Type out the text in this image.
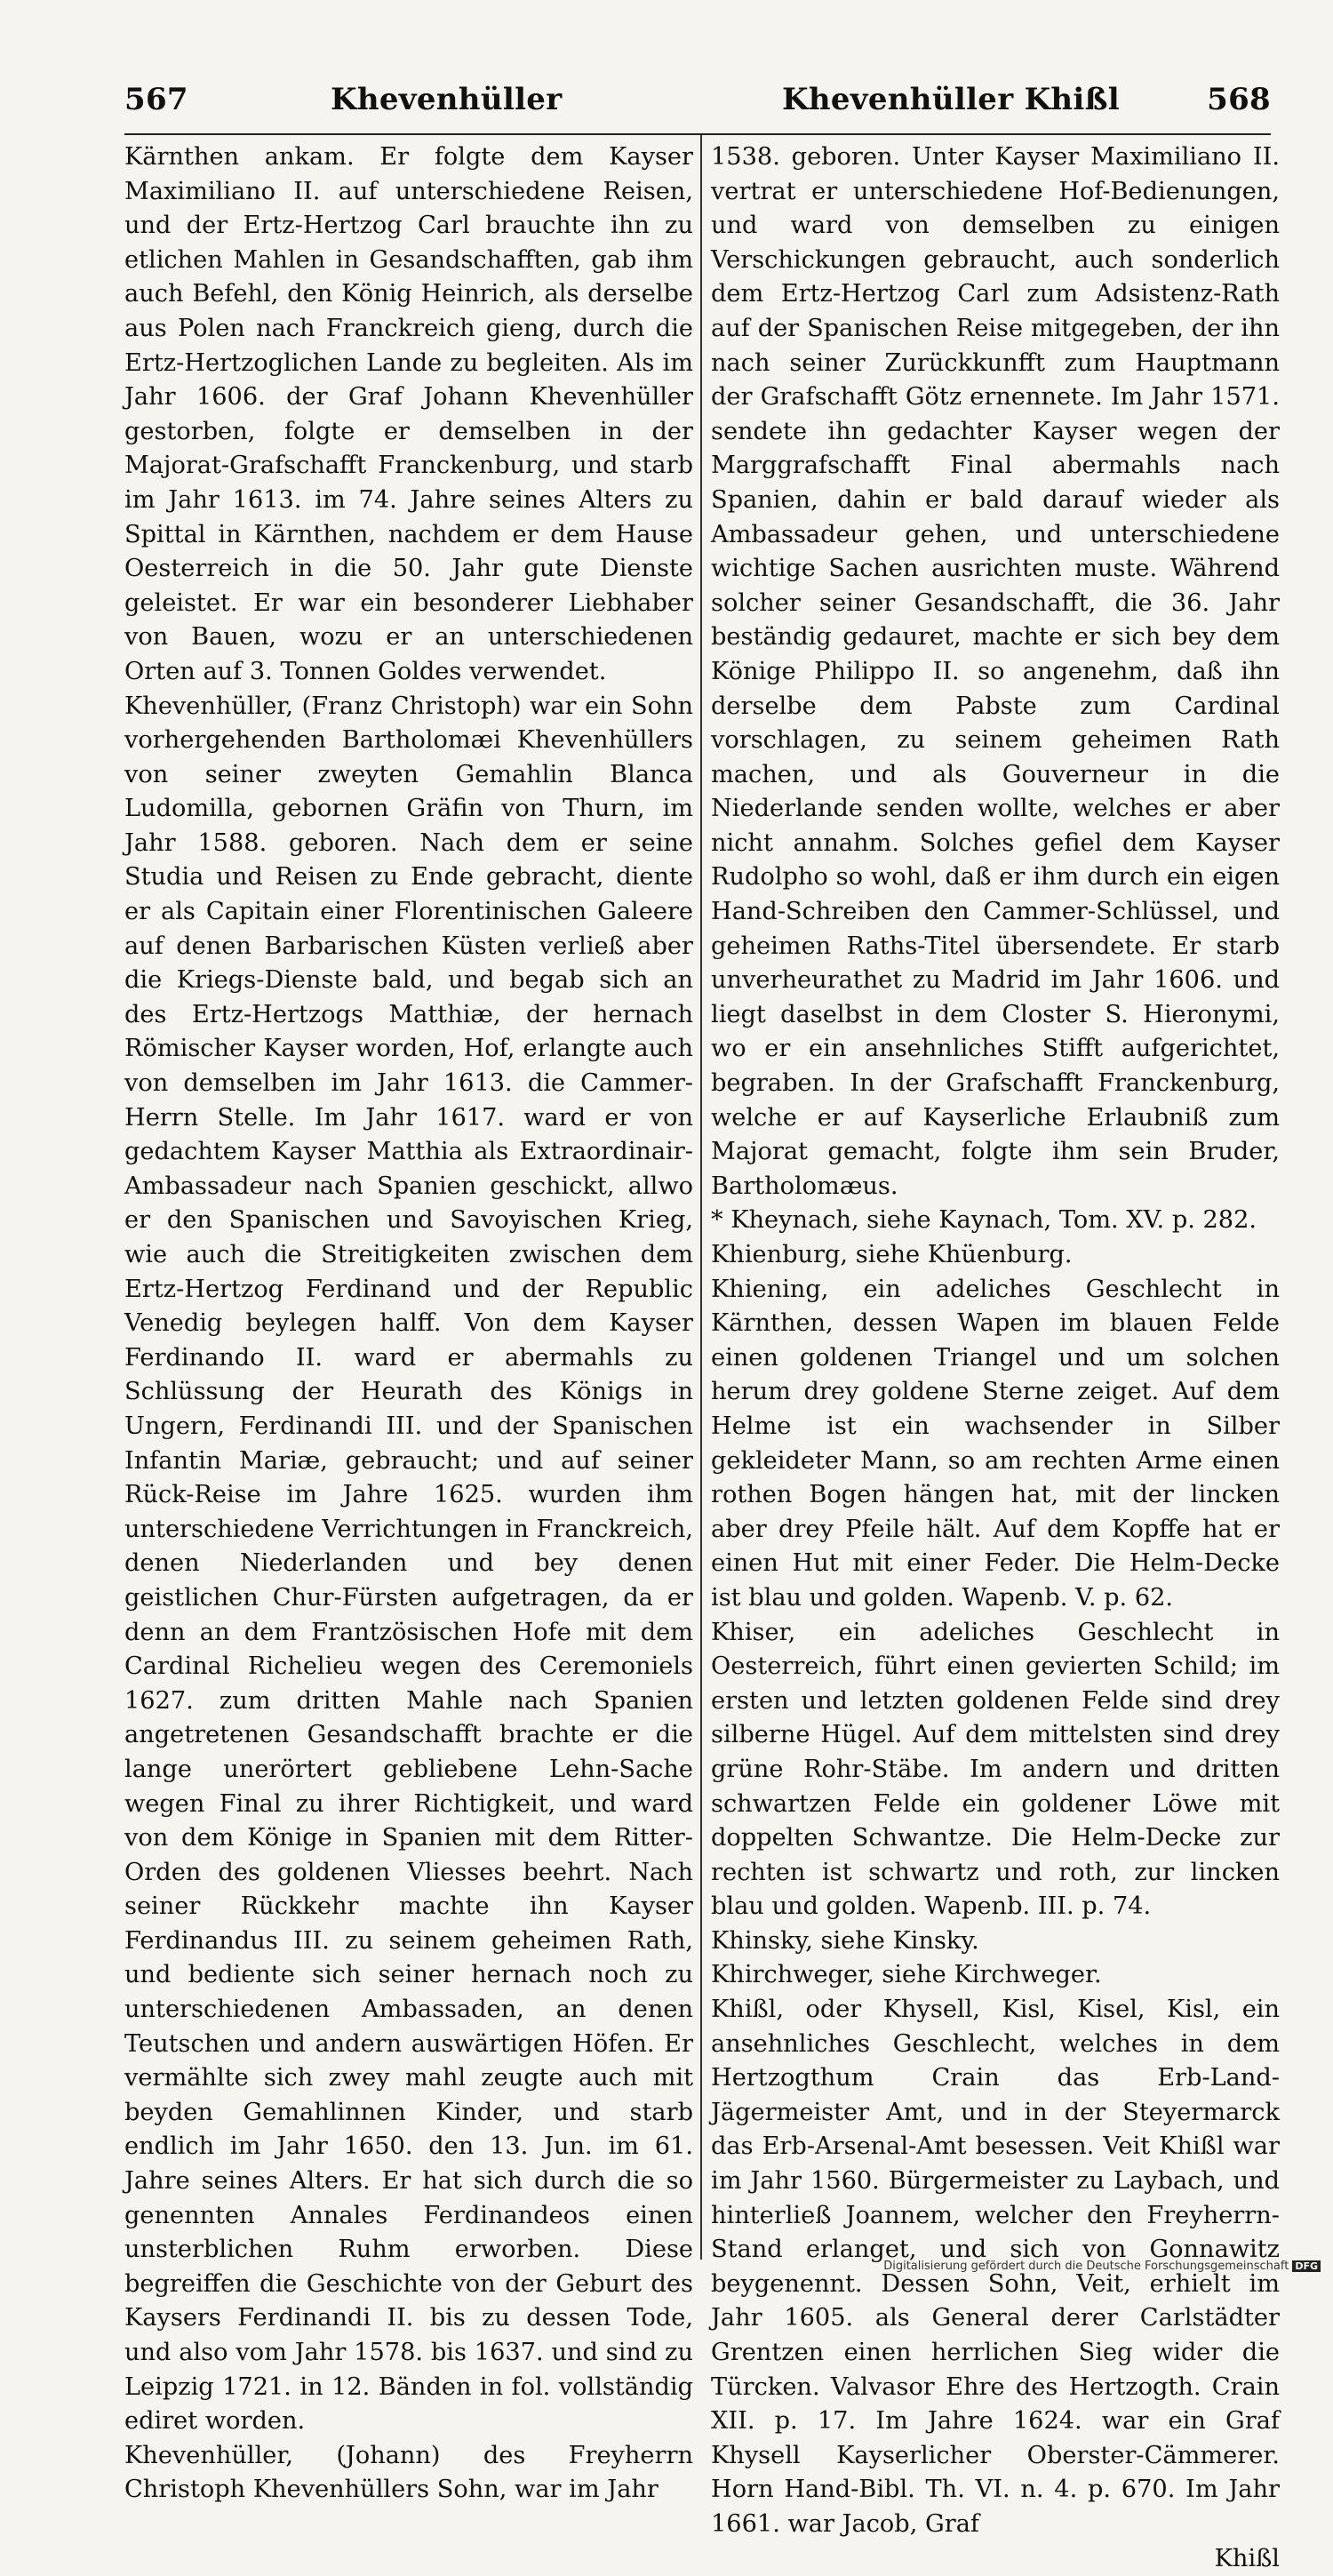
567	Khevenhüller	Khevenhüller Khißl	568

Kärnthen ankam. Er folgte dem Kayser Maximiliano II. auf unterschiedene Reisen, und der Ertz-Hertzog Carl brauchte ihn zu etlichen Mahlen in Gesandschafften, gab ihm auch Befehl, den König Heinrich, als derselbe aus Polen nach Franckreich gieng, durch die Ertz-Hertzoglichen Lande zu begleiten. Als im Jahr 1606. der Graf Johann Khevenhüller gestorben, folgte er demselben in der Majorat-Grafschafft Franckenburg, und starb im Jahr 1613. im 74. Jahre seines Alters zu Spittal in Kärnthen, nachdem er dem Hause Oesterreich in die 50. Jahr gute Dienste geleistet. Er war ein besonderer Liebhaber von Bauen, wozu er an unterschiedenen Orten auf 3. Tonnen Goldes verwendet.

Khevenhüller, (Franz Christoph) war ein Sohn vorhergehenden Bartholomæi Khevenhüllers von seiner zweyten Gemahlin Blanca Ludomilla, gebornen Gräfin von Thurn, im Jahr 1588. geboren. Nach dem er seine Studia und Reisen zu Ende gebracht, diente er als Capitain einer Florentinischen Galeere auf denen Barbarischen Küsten verließ aber die Kriegs-Dienste bald, und begab sich an des Ertz-Hertzogs Matthiæ, der hernach Römischer Kayser worden, Hof, erlangte auch von demselben im Jahr 1613. die Cammer-Herrn Stelle. Im Jahr 1617. ward er von gedachtem Kayser Matthia als Extraordinair-Ambassadeur nach Spanien geschickt, allwo er den Spanischen und Savoyischen Krieg, wie auch die Streitigkeiten zwischen dem Ertz-Hertzog Ferdinand und der Republic Venedig beylegen halff. Von dem Kayser Ferdinando II. ward er abermahls zu Schlüssung der Heurath des Königs in Ungern, Ferdinandi III. und der Spanischen Infantin Mariæ, gebraucht; und auf seiner Rück-Reise im Jahre 1625. wurden ihm unterschiedene Verrichtungen in Franckreich, denen Niederlanden und bey denen geistlichen Chur-Fürsten aufgetragen, da er denn an dem Frantzösischen Hofe mit dem Cardinal Richelieu wegen des Ceremoniels 1627. zum dritten Mahle nach Spanien angetretenen Gesandschafft brachte er die lange unerörtert gebliebene Lehn-Sache wegen Final zu ihrer Richtigkeit, und ward von dem Könige in Spanien mit dem Ritter-Orden des goldenen Vliesses beehrt. Nach seiner Rückkehr machte ihn Kayser Ferdinandus III. zu seinem geheimen Rath, und bediente sich seiner hernach noch zu unterschiedenen Ambassaden, an denen Teutschen und andern auswärtigen Höfen. Er vermählte sich zwey mahl zeugte auch mit beyden Gemahlinnen Kinder, und starb endlich im Jahr 1650. den 13. Jun. im 61. Jahre seines Alters. Er hat sich durch die so genennten Annales Ferdinandeos einen unsterblichen Ruhm erworben. Diese begreiffen die Geschichte von der Geburt des Kaysers Ferdinandi II. bis zu dessen Tode, und also vom Jahr 1578. bis 1637. und sind zu Leipzig 1721. in 12. Bänden in fol. vollständig ediret worden.

Khevenhüller, (Johann) des Freyherrn Christoph Khevenhüllers Sohn, war im Jahr

1538. geboren. Unter Kayser Maximiliano II. vertrat er unterschiedene Hof-Bedienungen, und ward von demselben zu einigen Verschickungen gebraucht, auch sonderlich dem Ertz-Hertzog Carl zum Adsistenz-Rath auf der Spanischen Reise mitgegeben, der ihn nach seiner Zurückkunfft zum Hauptmann der Grafschafft Götz ernennete. Im Jahr 1571. sendete ihn gedachter Kayser wegen der Marggrafschafft Final abermahls nach Spanien, dahin er bald darauf wieder als Ambassadeur gehen, und unterschiedene wichtige Sachen ausrichten muste. Während solcher seiner Gesandschafft, die 36. Jahr beständig gedauret, machte er sich bey dem Könige Philippo II. so angenehm, daß ihn derselbe dem Pabste zum Cardinal vorschlagen, zu seinem geheimen Rath machen, und als Gouverneur in die Niederlande senden wollte, welches er aber nicht annahm. Solches gefiel dem Kayser Rudolpho so wohl, daß er ihm durch ein eigen Hand-Schreiben den Cammer-Schlüssel, und geheimen Raths-Titel übersendete. Er starb unverheurathet zu Madrid im Jahr 1606. und liegt daselbst in dem Closter S. Hieronymi, wo er ein ansehnliches Stifft aufgerichtet, begraben. In der Grafschafft Franckenburg, welche er auf Kayserliche Erlaubniß zum Majorat gemacht, folgte ihm sein Bruder, Bartholomæus.

* Kheynach, siehe Kaynach, Tom. XV. p. 282.

Khienburg, siehe Khüenburg.

Khiening, ein adeliches Geschlecht in Kärnthen, dessen Wapen im blauen Felde einen goldenen Triangel und um solchen herum drey goldene Sterne zeiget. Auf dem Helme ist ein wachsender in Silber gekleideter Mann, so am rechten Arme einen rothen Bogen hängen hat, mit der lincken aber drey Pfeile hält. Auf dem Kopffe hat er einen Hut mit einer Feder. Die Helm-Decke ist blau und golden. Wapenb. V. p. 62.

Khiser, ein adeliches Geschlecht in Oesterreich, führt einen gevierten Schild; im ersten und letzten goldenen Felde sind drey silberne Hügel. Auf dem mittelsten sind drey grüne Rohr-Stäbe. Im andern und dritten schwartzen Felde ein goldener Löwe mit doppelten Schwantze. Die Helm-Decke zur rechten ist schwartz und roth, zur lincken blau und golden. Wapenb. III. p. 74.

Khinsky, siehe Kinsky.

Khirchweger, siehe Kirchweger.

Khißl, oder Khysell, Kisl, Kisel, Kisl, ein ansehnliches Geschlecht, welches in dem Hertzogthum Crain das Erb-Land-Jägermeister Amt, und in der Steyermarck das Erb-Arsenal-Amt besessen. Veit Khißl war im Jahr 1560. Bürgermeister zu Laybach, und hinterließ Joannem, welcher den Freyherrn-Stand erlanget, und sich von Gonnawitz beygenennt. Dessen Sohn, Veit, erhielt im Jahr 1605. als General derer Carlstädter Grentzen einen herrlichen Sieg wider die Türcken. Valvasor Ehre des Hertzogth. Crain XII. p. 17. Im Jahre 1624. war ein Graf Khysell Kayserlicher Oberster-Cämmerer. Horn Hand-Bibl. Th. VI. n. 4. p. 670. Im Jahr 1661. war Jacob, Graf

Khißl

Digitalisierung gefördert durch die Deutsche Forschungsgemeinschaft DFG
